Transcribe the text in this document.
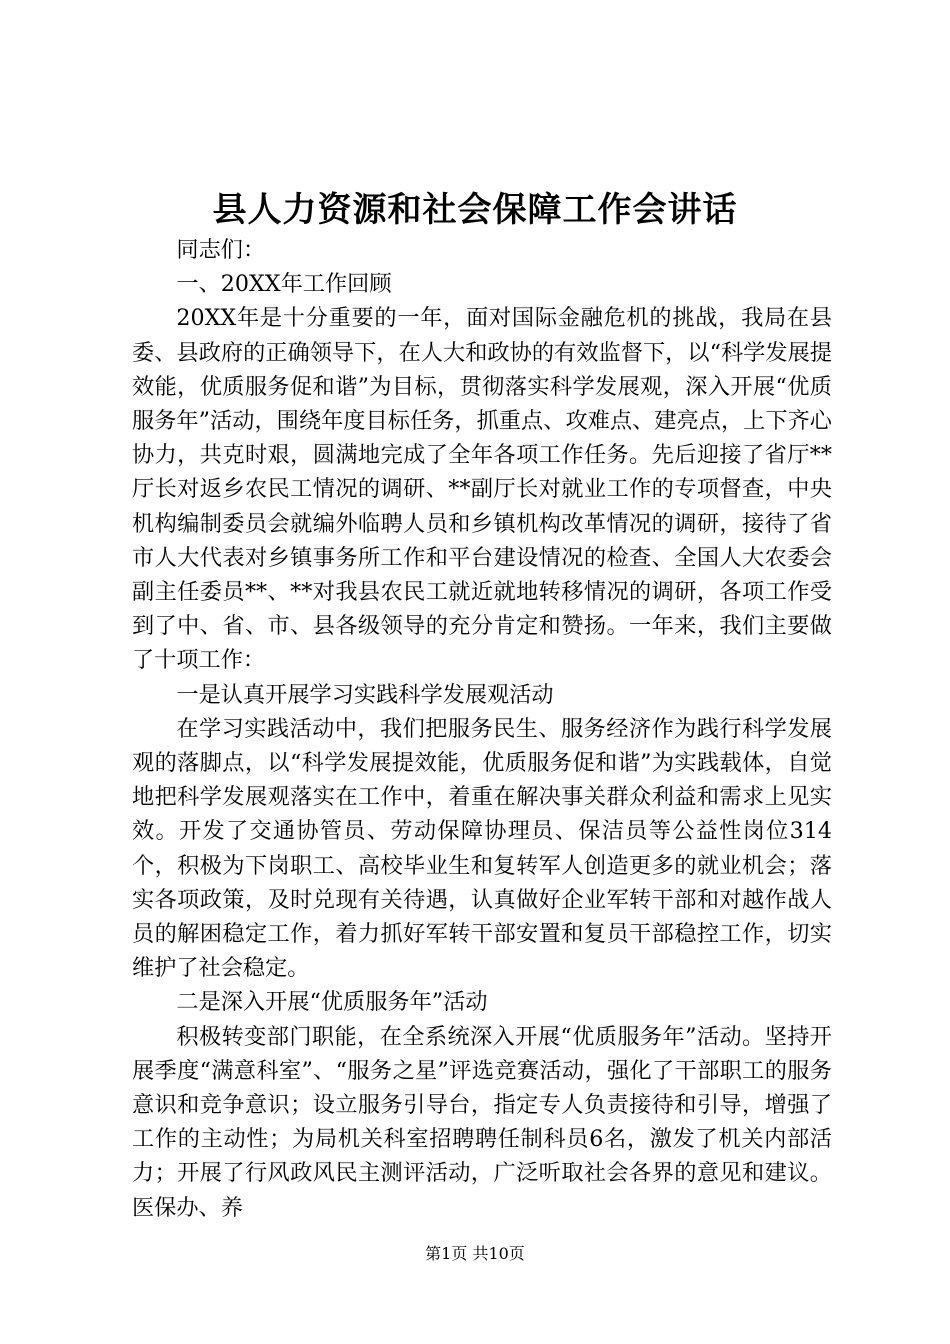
县人力资源和社会保障工作会讲话

同志们：

一、20XX年工作回顾

20XX年是十分重要的一年，面对国际金融危机的挑战，我局在县委、县政府的正确领导下，在人大和政协的有效监督下，以“科学发展提效能，优质服务促和谐”为目标，贯彻落实科学发展观，深入开展“优质服务年”活动，围绕年度目标任务，抓重点、攻难点、建亮点，上下齐心协力，共克时艰，圆满地完成了全年各项工作任务。先后迎接了省厅**厅长对返乡农民工情况的调研、**副厅长对就业工作的专项督查，中央机构编制委员会就编外临聘人员和乡镇机构改革情况的调研，接待了省市人大代表对乡镇事务所工作和平台建设情况的检查、全国人大农委会副主任委员**、**对我县农民工就近就地转移情况的调研，各项工作受到了中、省、市、县各级领导的充分肯定和赞扬。一年来，我们主要做了十项工作：

一是认真开展学习实践科学发展观活动

在学习实践活动中，我们把服务民生、服务经济作为践行科学发展观的落脚点，以“科学发展提效能，优质服务促和谐”为实践载体，自觉地把科学发展观落实在工作中，着重在解决事关群众利益和需求上见实效。开发了交通协管员、劳动保障协理员、保洁员等公益性岗位314个，积极为下岗职工、高校毕业生和复转军人创造更多的就业机会；落实各项政策，及时兑现有关待遇，认真做好企业军转干部和对越作战人员的解困稳定工作，着力抓好军转干部安置和复员干部稳控工作，切实维护了社会稳定。

二是深入开展“优质服务年”活动

积极转变部门职能，在全系统深入开展“优质服务年”活动。坚持开展季度“满意科室”、“服务之星”评选竞赛活动，强化了干部职工的服务意识和竞争意识；设立服务引导台，指定专人负责接待和引导，增强了工作的主动性；为局机关科室招聘聘任制科员6名，激发了机关内部活力；开展了行风政风民主测评活动，广泛听取社会各界的意见和建议。医保办、养

第1页 共10页
